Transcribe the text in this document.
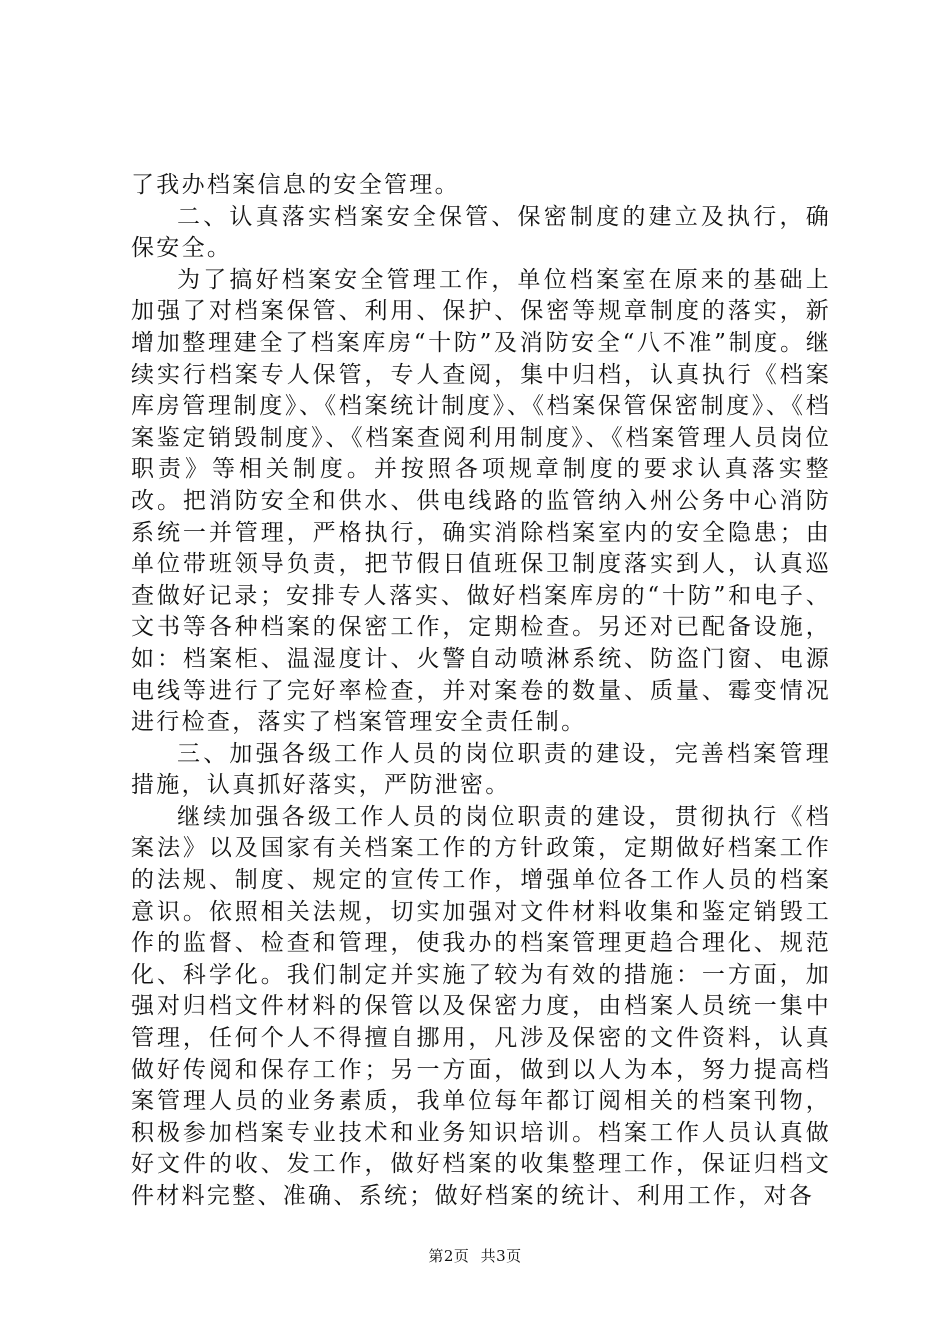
了我办档案信息的安全管理。

二、认真落实档案安全保管、保密制度的建立及执行，确保安全。

为了搞好档案安全管理工作，单位档案室在原来的基础上加强了对档案保管、利用、保护、保密等规章制度的落实，新增加整理建全了档案库房“十防”及消防安全“八不准”制度。继续实行档案专人保管，专人查阅，集中归档，认真执行《档案库房管理制度》、《档案统计制度》、《档案保管保密制度》、《档案鉴定销毁制度》、《档案查阅利用制度》、《档案管理人员岗位职责》等相关制度。并按照各项规章制度的要求认真落实整改。把消防安全和供水、供电线路的监管纳入州公务中心消防系统一并管理，严格执行，确实消除档案室内的安全隐患；由单位带班领导负责，把节假日值班保卫制度落实到人，认真巡查做好记录；安排专人落实、做好档案库房的“十防”和电子、文书等各种档案的保密工作，定期检查。另还对已配备设施，如：档案柜、温湿度计、火警自动喷淋系统、防盗门窗、电源电线等进行了完好率检查，并对案卷的数量、质量、霉变情况进行检查，落实了档案管理安全责任制。

三、加强各级工作人员的岗位职责的建设，完善档案管理措施，认真抓好落实，严防泄密。

继续加强各级工作人员的岗位职责的建设，贯彻执行《档案法》以及国家有关档案工作的方针政策，定期做好档案工作的法规、制度、规定的宣传工作，增强单位各工作人员的档案意识。依照相关法规，切实加强对文件材料收集和鉴定销毁工作的监督、检查和管理，使我办的档案管理更趋合理化、规范化、科学化。我们制定并实施了较为有效的措施：一方面，加强对归档文件材料的保管以及保密力度，由档案人员统一集中管理，任何个人不得擅自挪用，凡涉及保密的文件资料，认真做好传阅和保存工作；另一方面，做到以人为本，努力提高档案管理人员的业务素质，我单位每年都订阅相关的档案刊物，积极参加档案专业技术和业务知识培训。档案工作人员认真做好文件的收、发工作，做好档案的收集整理工作，保证归档文件材料完整、准确、系统；做好档案的统计、利用工作，对各

第2页 共3页
